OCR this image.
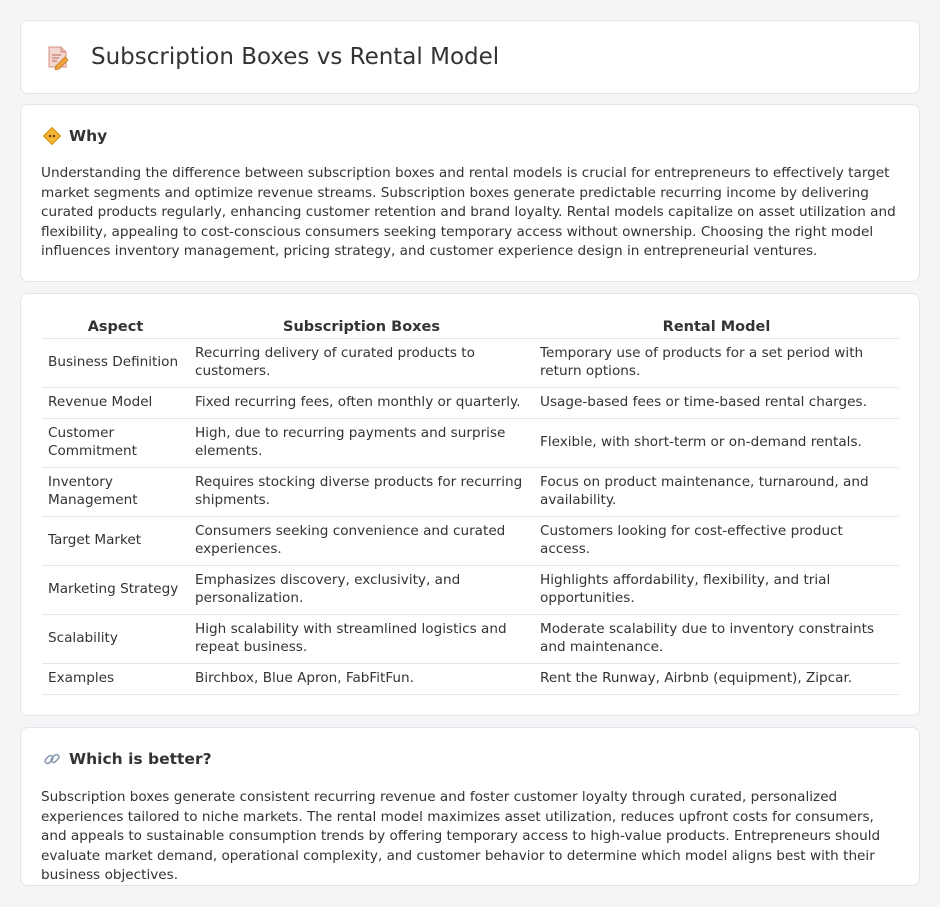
Subscription Boxes vs Rental Model
Why

Understanding the difference between subscription boxes and rental models is crucial for entrepreneurs to effectively target market segments and optimize revenue streams. Subscription boxes generate predictable recurring income by delivering curated products regularly, enhancing customer retention and brand loyalty. Rental models capitalize on asset utilization and flexibility, appealing to cost-conscious consumers seeking temporary access without ownership. Choosing the right model influences inventory management, pricing strategy, and customer experience design in entrepreneurial ventures.

Aspect	Subscription Boxes	Rental Model
Business Definition	Recurring delivery of curated products to customers.	Temporary use of products for a set period with return options.
Revenue Model	Fixed recurring fees, often monthly or quarterly.	Usage-based fees or time-based rental charges.
Customer Commitment	High, due to recurring payments and surprise elements.	Flexible, with short-term or on-demand rentals.
Inventory Management	Requires stocking diverse products for recurring shipments.	Focus on product maintenance, turnaround, and availability.
Target Market	Consumers seeking convenience and curated experiences.	Customers looking for cost-effective product access.
Marketing Strategy	Emphasizes discovery, exclusivity, and personalization.	Highlights affordability, flexibility, and trial opportunities.
Scalability	High scalability with streamlined logistics and repeat business.	Moderate scalability due to inventory constraints and maintenance.
Examples	Birchbox, Blue Apron, FabFitFun.	Rent the Runway, Airbnb (equipment), Zipcar.
Which is better?

Subscription boxes generate consistent recurring revenue and foster customer loyalty through curated, personalized experiences tailored to niche markets. The rental model maximizes asset utilization, reduces upfront costs for consumers, and appeals to sustainable consumption trends by offering temporary access to high-value products. Entrepreneurs should evaluate market demand, operational complexity, and customer behavior to determine which model aligns best with their business objectives.
